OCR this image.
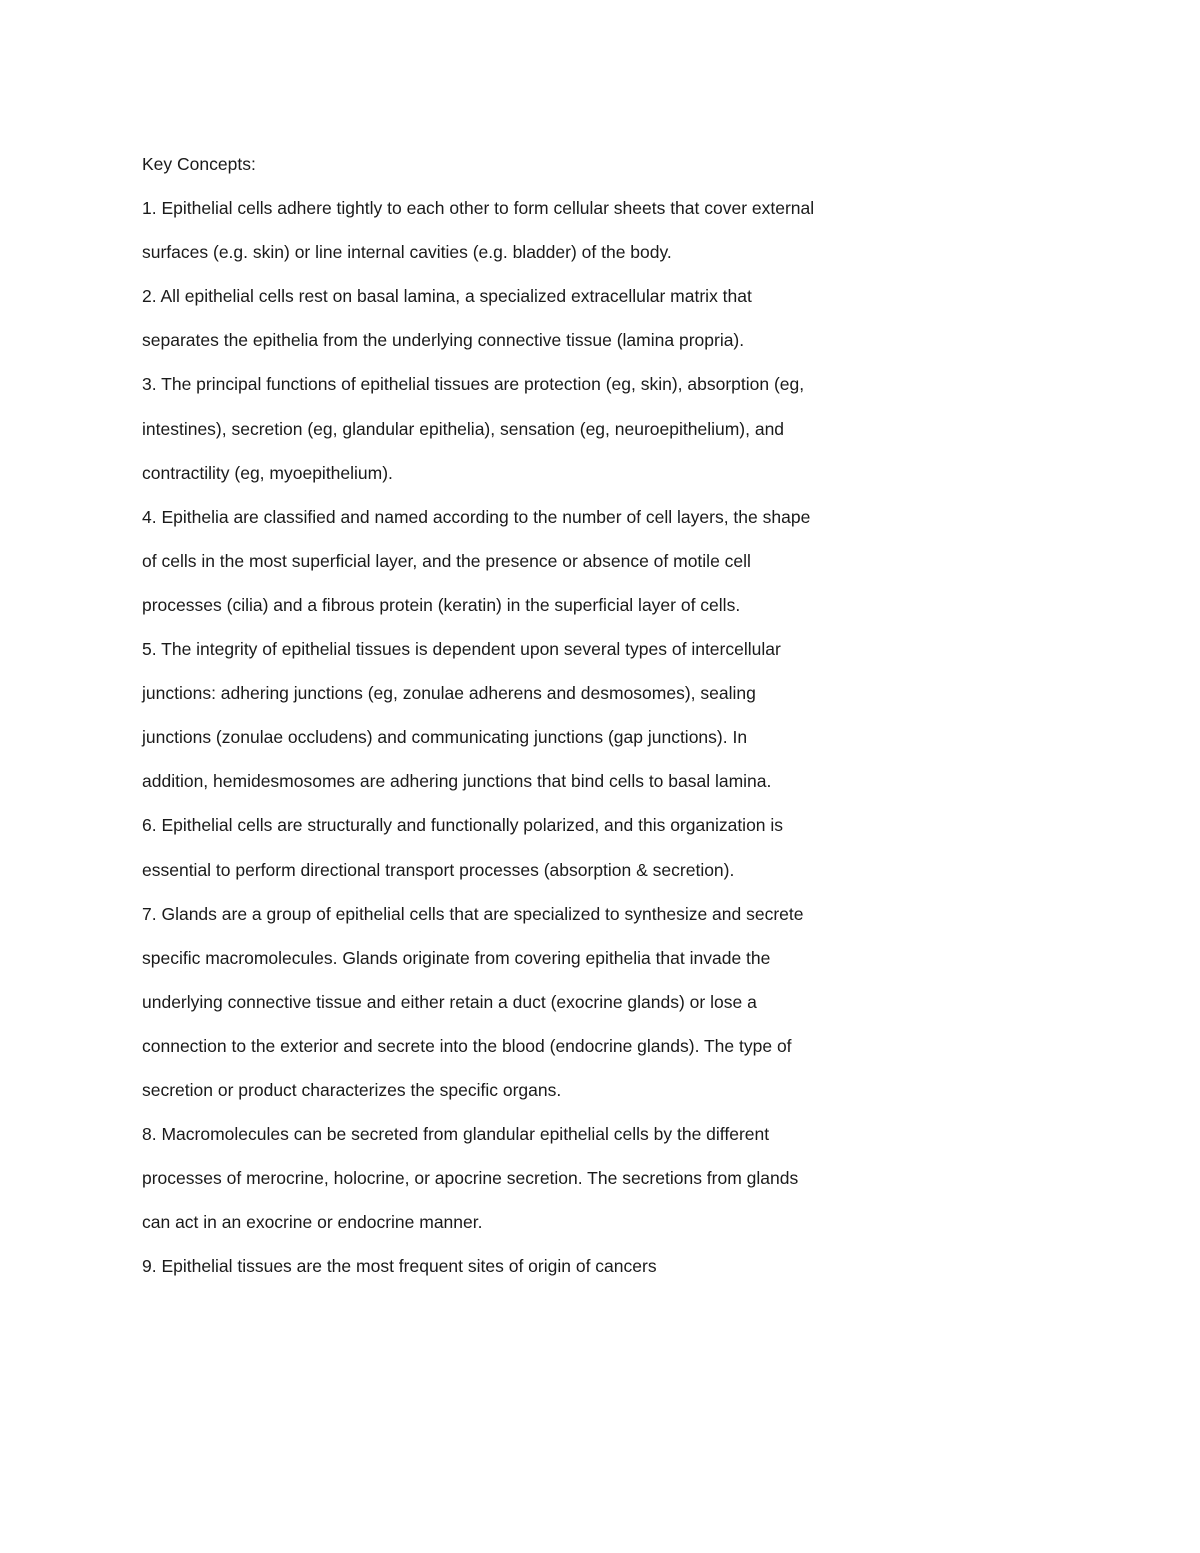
Key Concepts:
1. Epithelial cells adhere tightly to each other to form cellular sheets that cover external
surfaces (e.g. skin) or line internal cavities (e.g. bladder) of the body.
2. All epithelial cells rest on basal lamina, a specialized extracellular matrix that
separates the epithelia from the underlying connective tissue (lamina propria).
3. The principal functions of epithelial tissues are protection (eg, skin), absorption (eg,
intestines), secretion (eg, glandular epithelia), sensation (eg, neuroepithelium), and
contractility (eg, myoepithelium).
4. Epithelia are classified and named according to the number of cell layers, the shape
of cells in the most superficial layer, and the presence or absence of motile cell
processes (cilia) and a fibrous protein (keratin) in the superficial layer of cells.
5. The integrity of epithelial tissues is dependent upon several types of intercellular
junctions: adhering junctions (eg, zonulae adherens and desmosomes), sealing
junctions (zonulae occludens) and communicating junctions (gap junctions). In
addition, hemidesmosomes are adhering junctions that bind cells to basal lamina.
6. Epithelial cells are structurally and functionally polarized, and this organization is
essential to perform directional transport processes (absorption & secretion).
7. Glands are a group of epithelial cells that are specialized to synthesize and secrete
specific macromolecules. Glands originate from covering epithelia that invade the
underlying connective tissue and either retain a duct (exocrine glands) or lose a
connection to the exterior and secrete into the blood (endocrine glands). The type of
secretion or product characterizes the specific organs.
8. Macromolecules can be secreted from glandular epithelial cells by the different
processes of merocrine, holocrine, or apocrine secretion. The secretions from glands
can act in an exocrine or endocrine manner.
9. Epithelial tissues are the most frequent sites of origin of cancers
